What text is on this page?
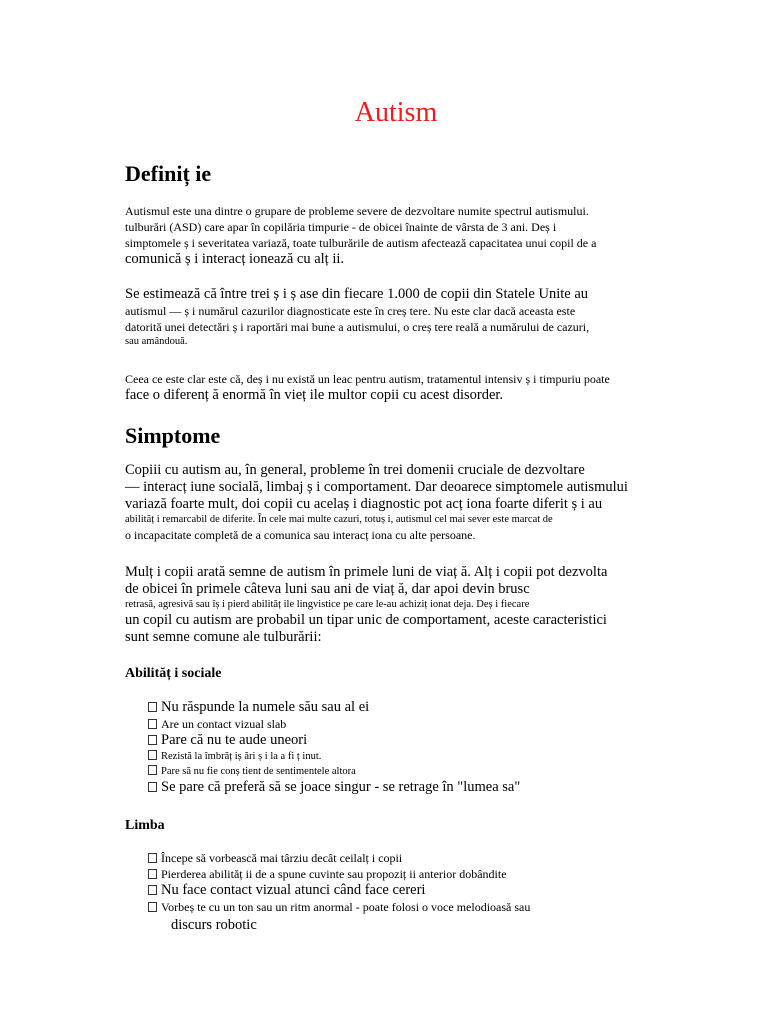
Autism
Definiț ie
Autismul este una dintre o grupare de probleme severe de dezvoltare numite spectrul autismului.
tulburări (ASD) care apar în copilăria timpurie - de obicei înainte de vârsta de 3 ani. Deș i
simptomele ș i severitatea variază, toate tulburările de autism afectează capacitatea unui copil de a
comunică ș i interacț ionează cu alț ii.
Se estimează că între trei ș i ș ase din fiecare 1.000 de copii din Statele Unite au
autismul — ș i numărul cazurilor diagnosticate este în creș tere. Nu este clar dacă aceasta este
datorită unei detectări ș i raportări mai bune a autismului, o creș tere reală a numărului de cazuri,
sau amândouă.
Ceea ce este clar este că, deș i nu există un leac pentru autism, tratamentul intensiv ș i timpuriu poate
face o diferenț ă enormă în vieț ile multor copii cu acest disorder.
Simptome
Copiii cu autism au, în general, probleme în trei domenii cruciale de dezvoltare
— interacț iune socială, limbaj ș i comportament. Dar deoarece simptomele autismului
variază foarte mult, doi copii cu acelaș i diagnostic pot acț iona foarte diferit ș i au
abilităț i remarcabil de diferite. În cele mai multe cazuri, totuș i, autismul cel mai sever este marcat de
o incapacitate completă de a comunica sau interacț iona cu alte persoane.
Mulț i copii arată semne de autism în primele luni de viaț ă. Alț i copii pot dezvolta
de obicei în primele câteva luni sau ani de viaț ă, dar apoi devin brusc
retrasă, agresivă sau îș i pierd abilităț ile lingvistice pe care le-au achiziț ionat deja. Deș i fiecare
un copil cu autism are probabil un tipar unic de comportament, aceste caracteristici
sunt semne comune ale tulburării:
Abilităț i sociale
Nu răspunde la numele său sau al ei
Are un contact vizual slab
Pare că nu te aude uneori
Rezistă la îmbrăț iș ări ș i la a fi ț inut.
Pare să nu fie conș tient de sentimentele altora
Se pare că preferă să se joace singur - se retrage în "lumea sa"
Limba
Începe să vorbească mai târziu decât ceilalț i copii
Pierderea abilităț ii de a spune cuvinte sau propoziț ii anterior dobândite
Nu face contact vizual atunci când face cereri
Vorbeș te cu un ton sau un ritm anormal - poate folosi o voce melodioasă sau
discurs robotic
